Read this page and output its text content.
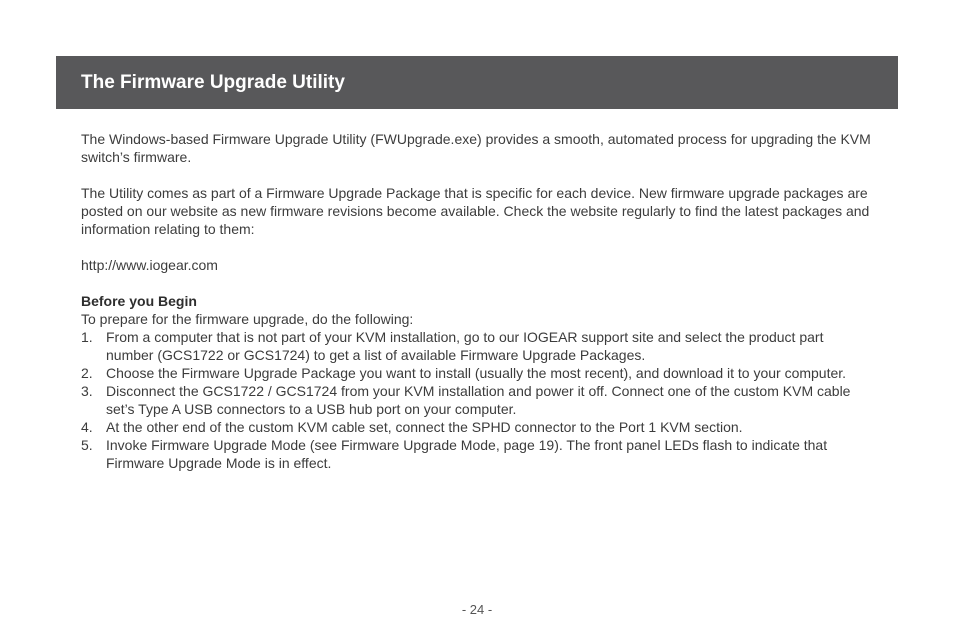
The Firmware Upgrade Utility

The Windows-based Firmware Upgrade Utility (FWUpgrade.exe) provides a smooth, automated process for upgrading the KVM switch’s firmware.

The Utility comes as part of a Firmware Upgrade Package that is specific for each device. New firmware upgrade packages are posted on our website as new firmware revisions become available. Check the website regularly to find the latest packages and information relating to them:

http://www.iogear.com

Before you Begin

To prepare for the firmware upgrade, do the following:

1. From a computer that is not part of your KVM installation, go to our IOGEAR support site and select the product part number (GCS1722 or GCS1724) to get a list of available Firmware Upgrade Packages.
2. Choose the Firmware Upgrade Package you want to install (usually the most recent), and download it to your computer.
3. Disconnect the GCS1722 / GCS1724 from your KVM installation and power it off. Connect one of the custom KVM cable set’s Type A USB connectors to a USB hub port on your computer.
4. At the other end of the custom KVM cable set, connect the SPHD connector to the Port 1 KVM section.
5. Invoke Firmware Upgrade Mode (see Firmware Upgrade Mode, page 19). The front panel LEDs flash to indicate that Firmware Upgrade Mode is in effect.
- 24 -
